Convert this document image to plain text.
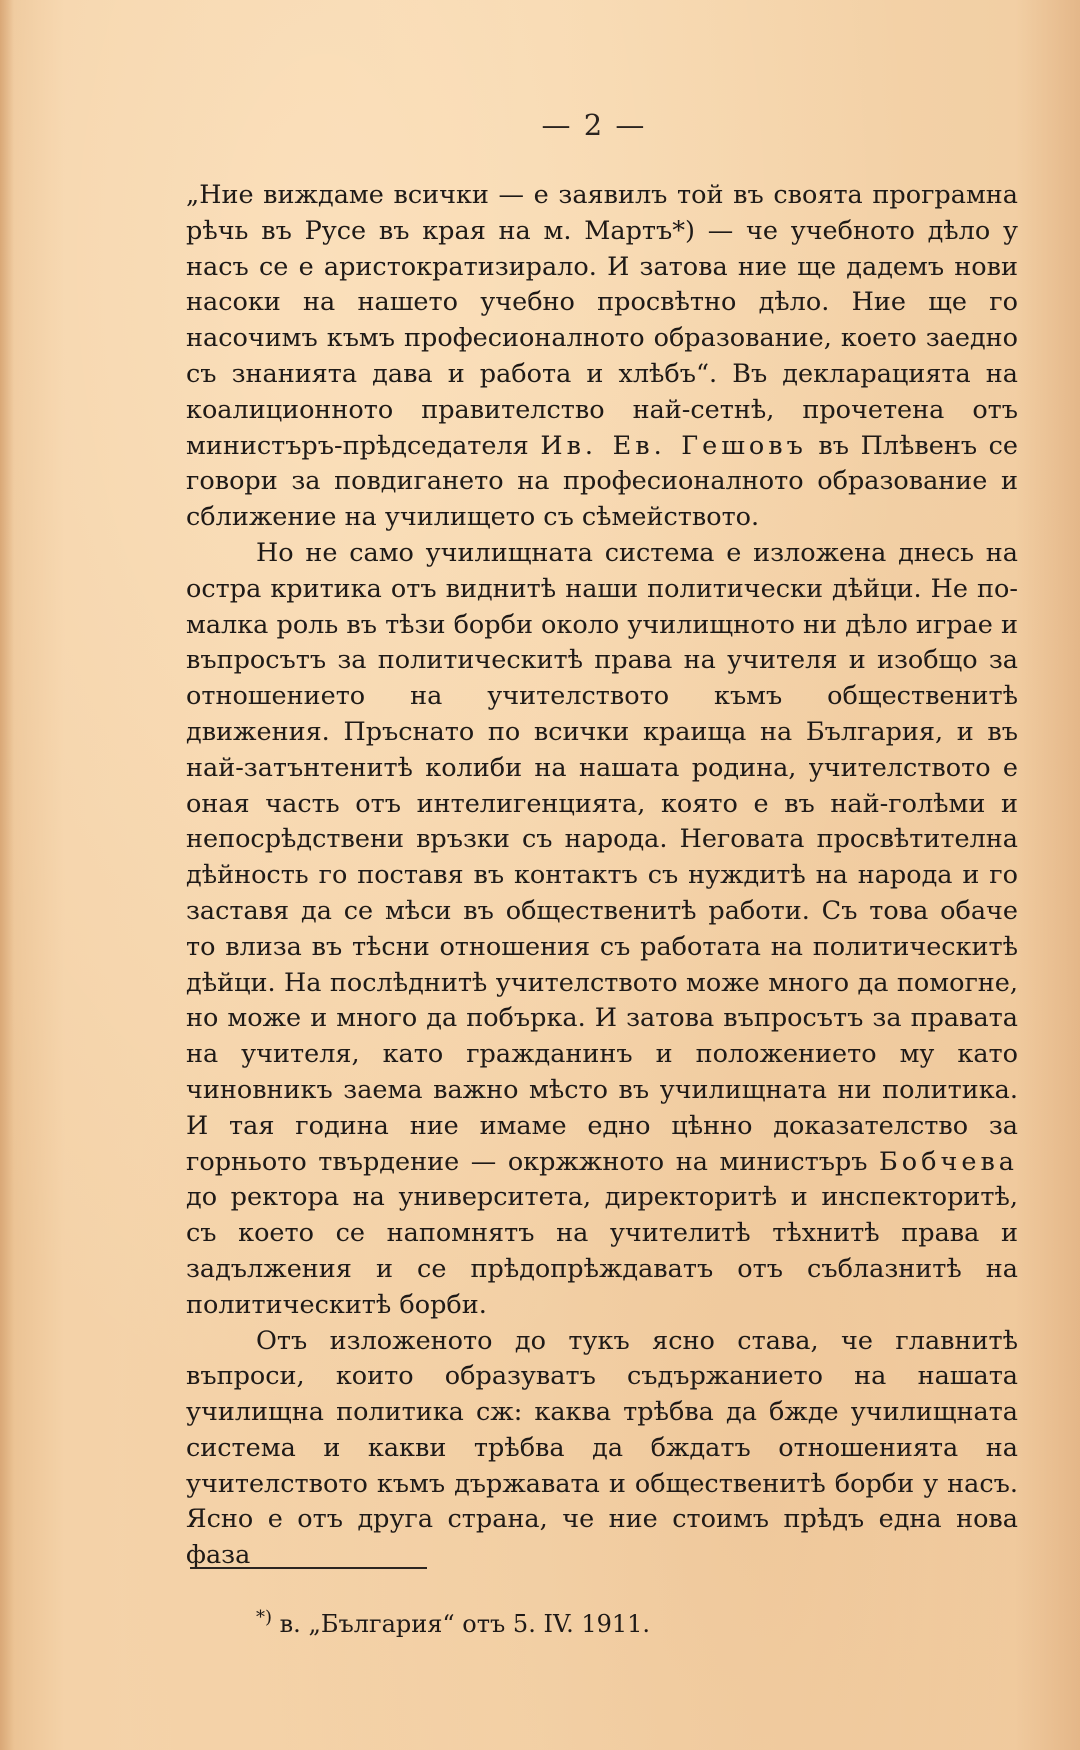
— 2 —

„Ние виждаме всички — е заявилъ той въ своята програмна рѣчь въ Русе въ края на м. Мартъ*) — че учебното дѣло у насъ се е аристократизирало. И затова ние ще дадемъ нови насоки на нашето учебно просвѣтно дѣло. Ние ще го насочимъ къмъ професионалното образование, което заедно съ знанията дава и работа и хлѣбъ“. Въ декларацията на коалиционното правителство най-сетнѣ, прочетена отъ министъръ-прѣдседателя Ив. Ев. Гешовъ въ Плѣвенъ се говори за повдигането на професионалното образование и сближение на училището съ сѣмейството.

Но не само училищната система е изложена днесь на остра критика отъ виднитѣ наши политически дѣйци. Не по-малка роль въ тѣзи борби около училищното ни дѣло играе и въпросътъ за политическитѣ права на учителя и изобщо за отношението на учителството къмъ общественитѣ движения. Пръснато по всички краища на България, и въ най-затънтенитѣ колиби на нашата родина, учителството е оная часть отъ интелигенцията, която е въ най-голѣми и непосрѣдствени връзки съ народа. Неговата просвѣтителна дѣйность го поставя въ контактъ съ нуждитѣ на народа и го заставя да се мѣси въ общественитѣ работи. Съ това обаче то влиза въ тѣсни отношения съ работата на политическитѣ дѣйци. На послѣднитѣ учителството може много да помогне, но може и много да побърка. И затова въпросътъ за правата на учителя, като гражданинъ и положението му като чиновникъ заема важно мѣсто въ училищната ни политика. И тая година ние имаме едно цѣнно доказателство за горньото твърдение — окржжното на министъръ Бобчева до ректора на университета, директоритѣ и инспекторитѣ, съ което се напомнятъ на учителитѣ тѣхнитѣ права и задължения и се прѣдопрѣждаватъ отъ съблазнитѣ на политическитѣ борби.

Отъ изложеното до тукъ ясно става, че главнитѣ въпроси, които образуватъ съдържанието на нашата училищна политика сж: каква трѣбва да бжде училищната система и какви трѣбва да бждатъ отношенията на учителството къмъ държавата и общественитѣ борби у насъ. Ясно е отъ друга страна, че ние стоимъ прѣдъ една нова фаза

*) в. „България“ отъ 5. IV. 1911.
